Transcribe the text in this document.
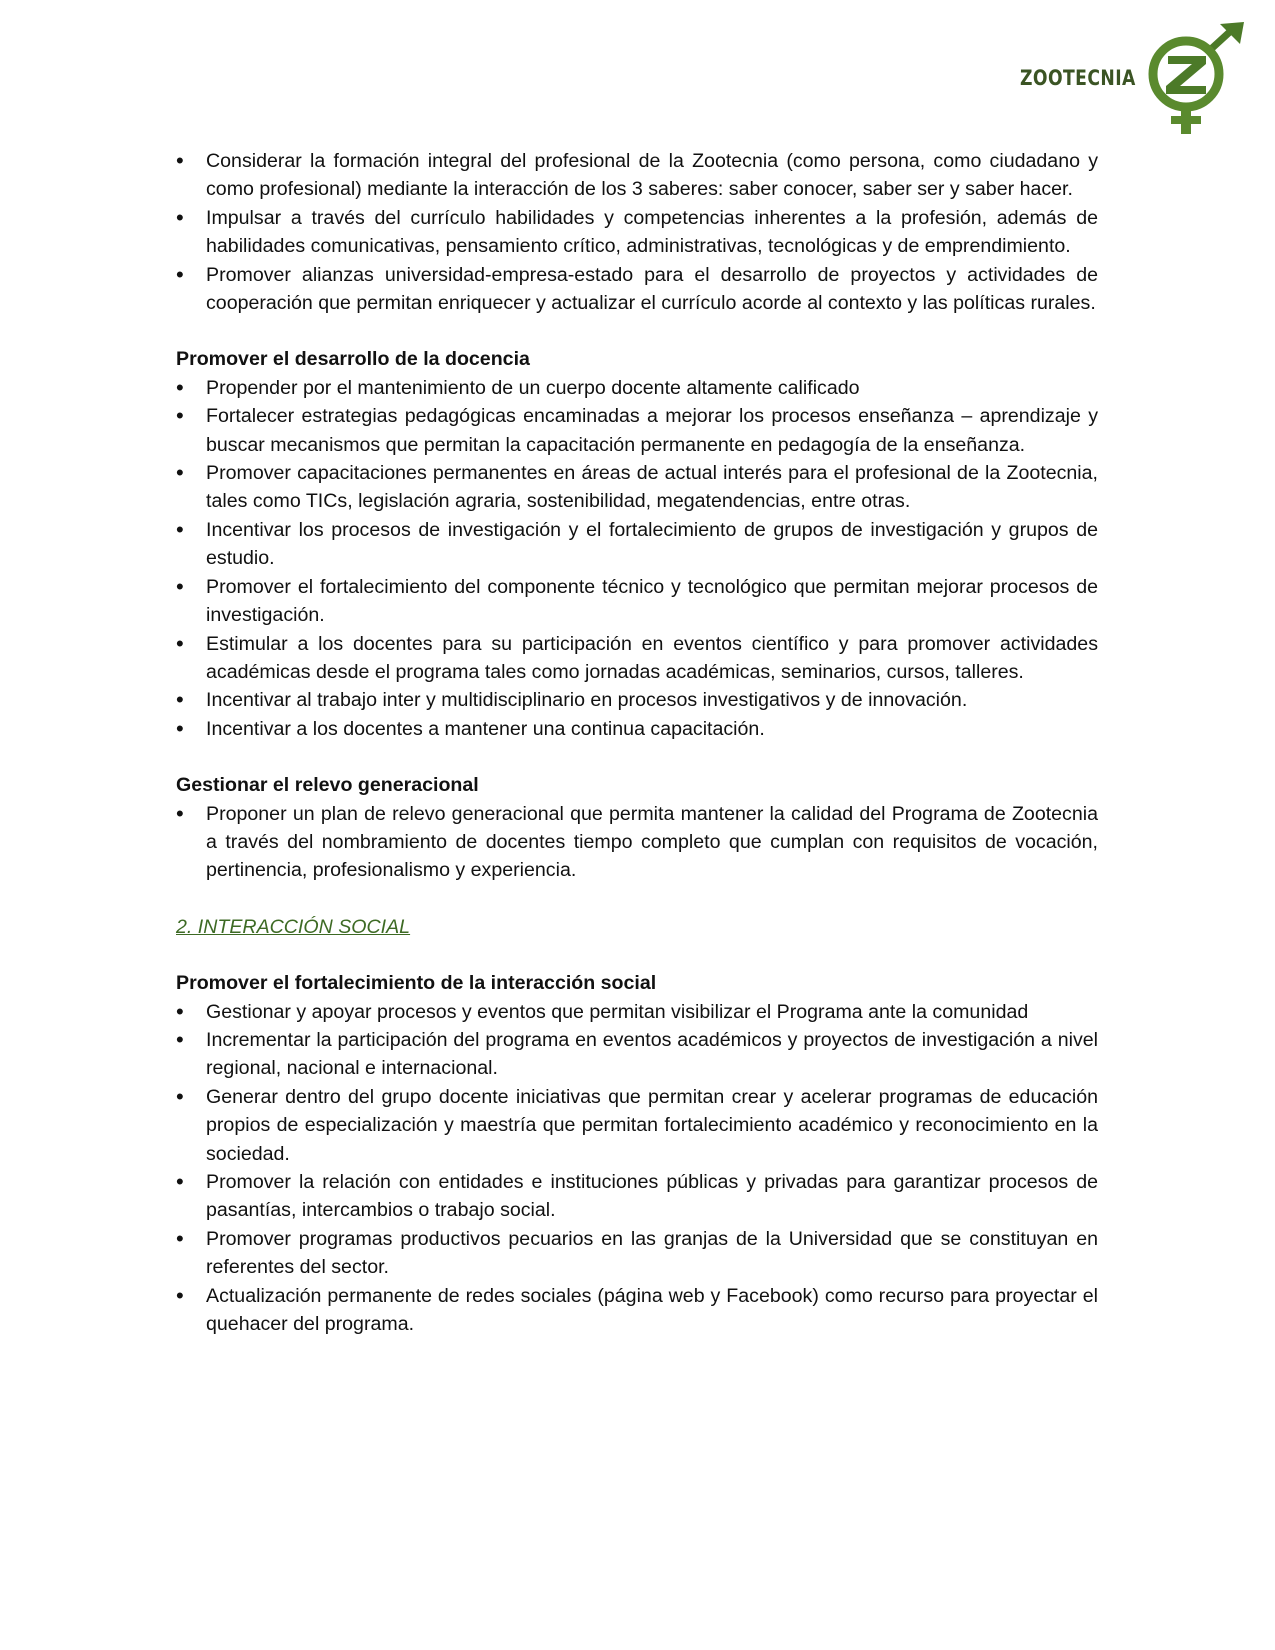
ZOOTECNIA
• Considerar la formación integral del profesional de la Zootecnia (como persona, como ciudadano y como profesional) mediante la interacción de los 3 saberes: saber conocer, saber ser y saber hacer.
• Impulsar a través del currículo habilidades y competencias inherentes a la profesión, además de habilidades comunicativas, pensamiento crítico, administrativas, tecnológicas y de emprendimiento.
• Promover alianzas universidad-empresa-estado para el desarrollo de proyectos y actividades de cooperación que permitan enriquecer y actualizar el currículo acorde al contexto y las políticas rurales.

Promover el desarrollo de la docencia

• Propender por el mantenimiento de un cuerpo docente altamente calificado
• Fortalecer estrategias pedagógicas encaminadas a mejorar los procesos enseñanza – aprendizaje y buscar mecanismos que permitan la capacitación permanente en pedagogía de la enseñanza.
• Promover capacitaciones permanentes en áreas de actual interés para el profesional de la Zootecnia, tales como TICs, legislación agraria, sostenibilidad, megatendencias, entre otras.
• Incentivar los procesos de investigación y el fortalecimiento de grupos de investigación y grupos de estudio.
• Promover el fortalecimiento del componente técnico y tecnológico que permitan mejorar procesos de investigación.
• Estimular a los docentes para su participación en eventos científico y para promover actividades académicas desde el programa tales como jornadas académicas, seminarios, cursos, talleres.
• Incentivar al trabajo inter y multidisciplinario en procesos investigativos y de innovación.
• Incentivar a los docentes a mantener una continua capacitación.

Gestionar el relevo generacional

• Proponer un plan de relevo generacional que permita mantener la calidad del Programa de Zootecnia a través del nombramiento de docentes tiempo completo que cumplan con requisitos de vocación, pertinencia, profesionalismo y experiencia.

2. INTERACCIÓN SOCIAL

Promover el fortalecimiento de la interacción social

• Gestionar y apoyar procesos y eventos que permitan visibilizar el Programa ante la comunidad
• Incrementar la participación del programa en eventos académicos y proyectos de investigación a nivel regional, nacional e internacional.
• Generar dentro del grupo docente iniciativas que permitan crear y acelerar programas de educación propios de especialización y maestría que permitan fortalecimiento académico y reconocimiento en la sociedad.
• Promover la relación con entidades e instituciones públicas y privadas para garantizar procesos de pasantías, intercambios o trabajo social.
• Promover programas productivos pecuarios en las granjas de la Universidad que se constituyan en referentes del sector.
• Actualización permanente de redes sociales (página web y Facebook) como recurso para proyectar el quehacer del programa.
